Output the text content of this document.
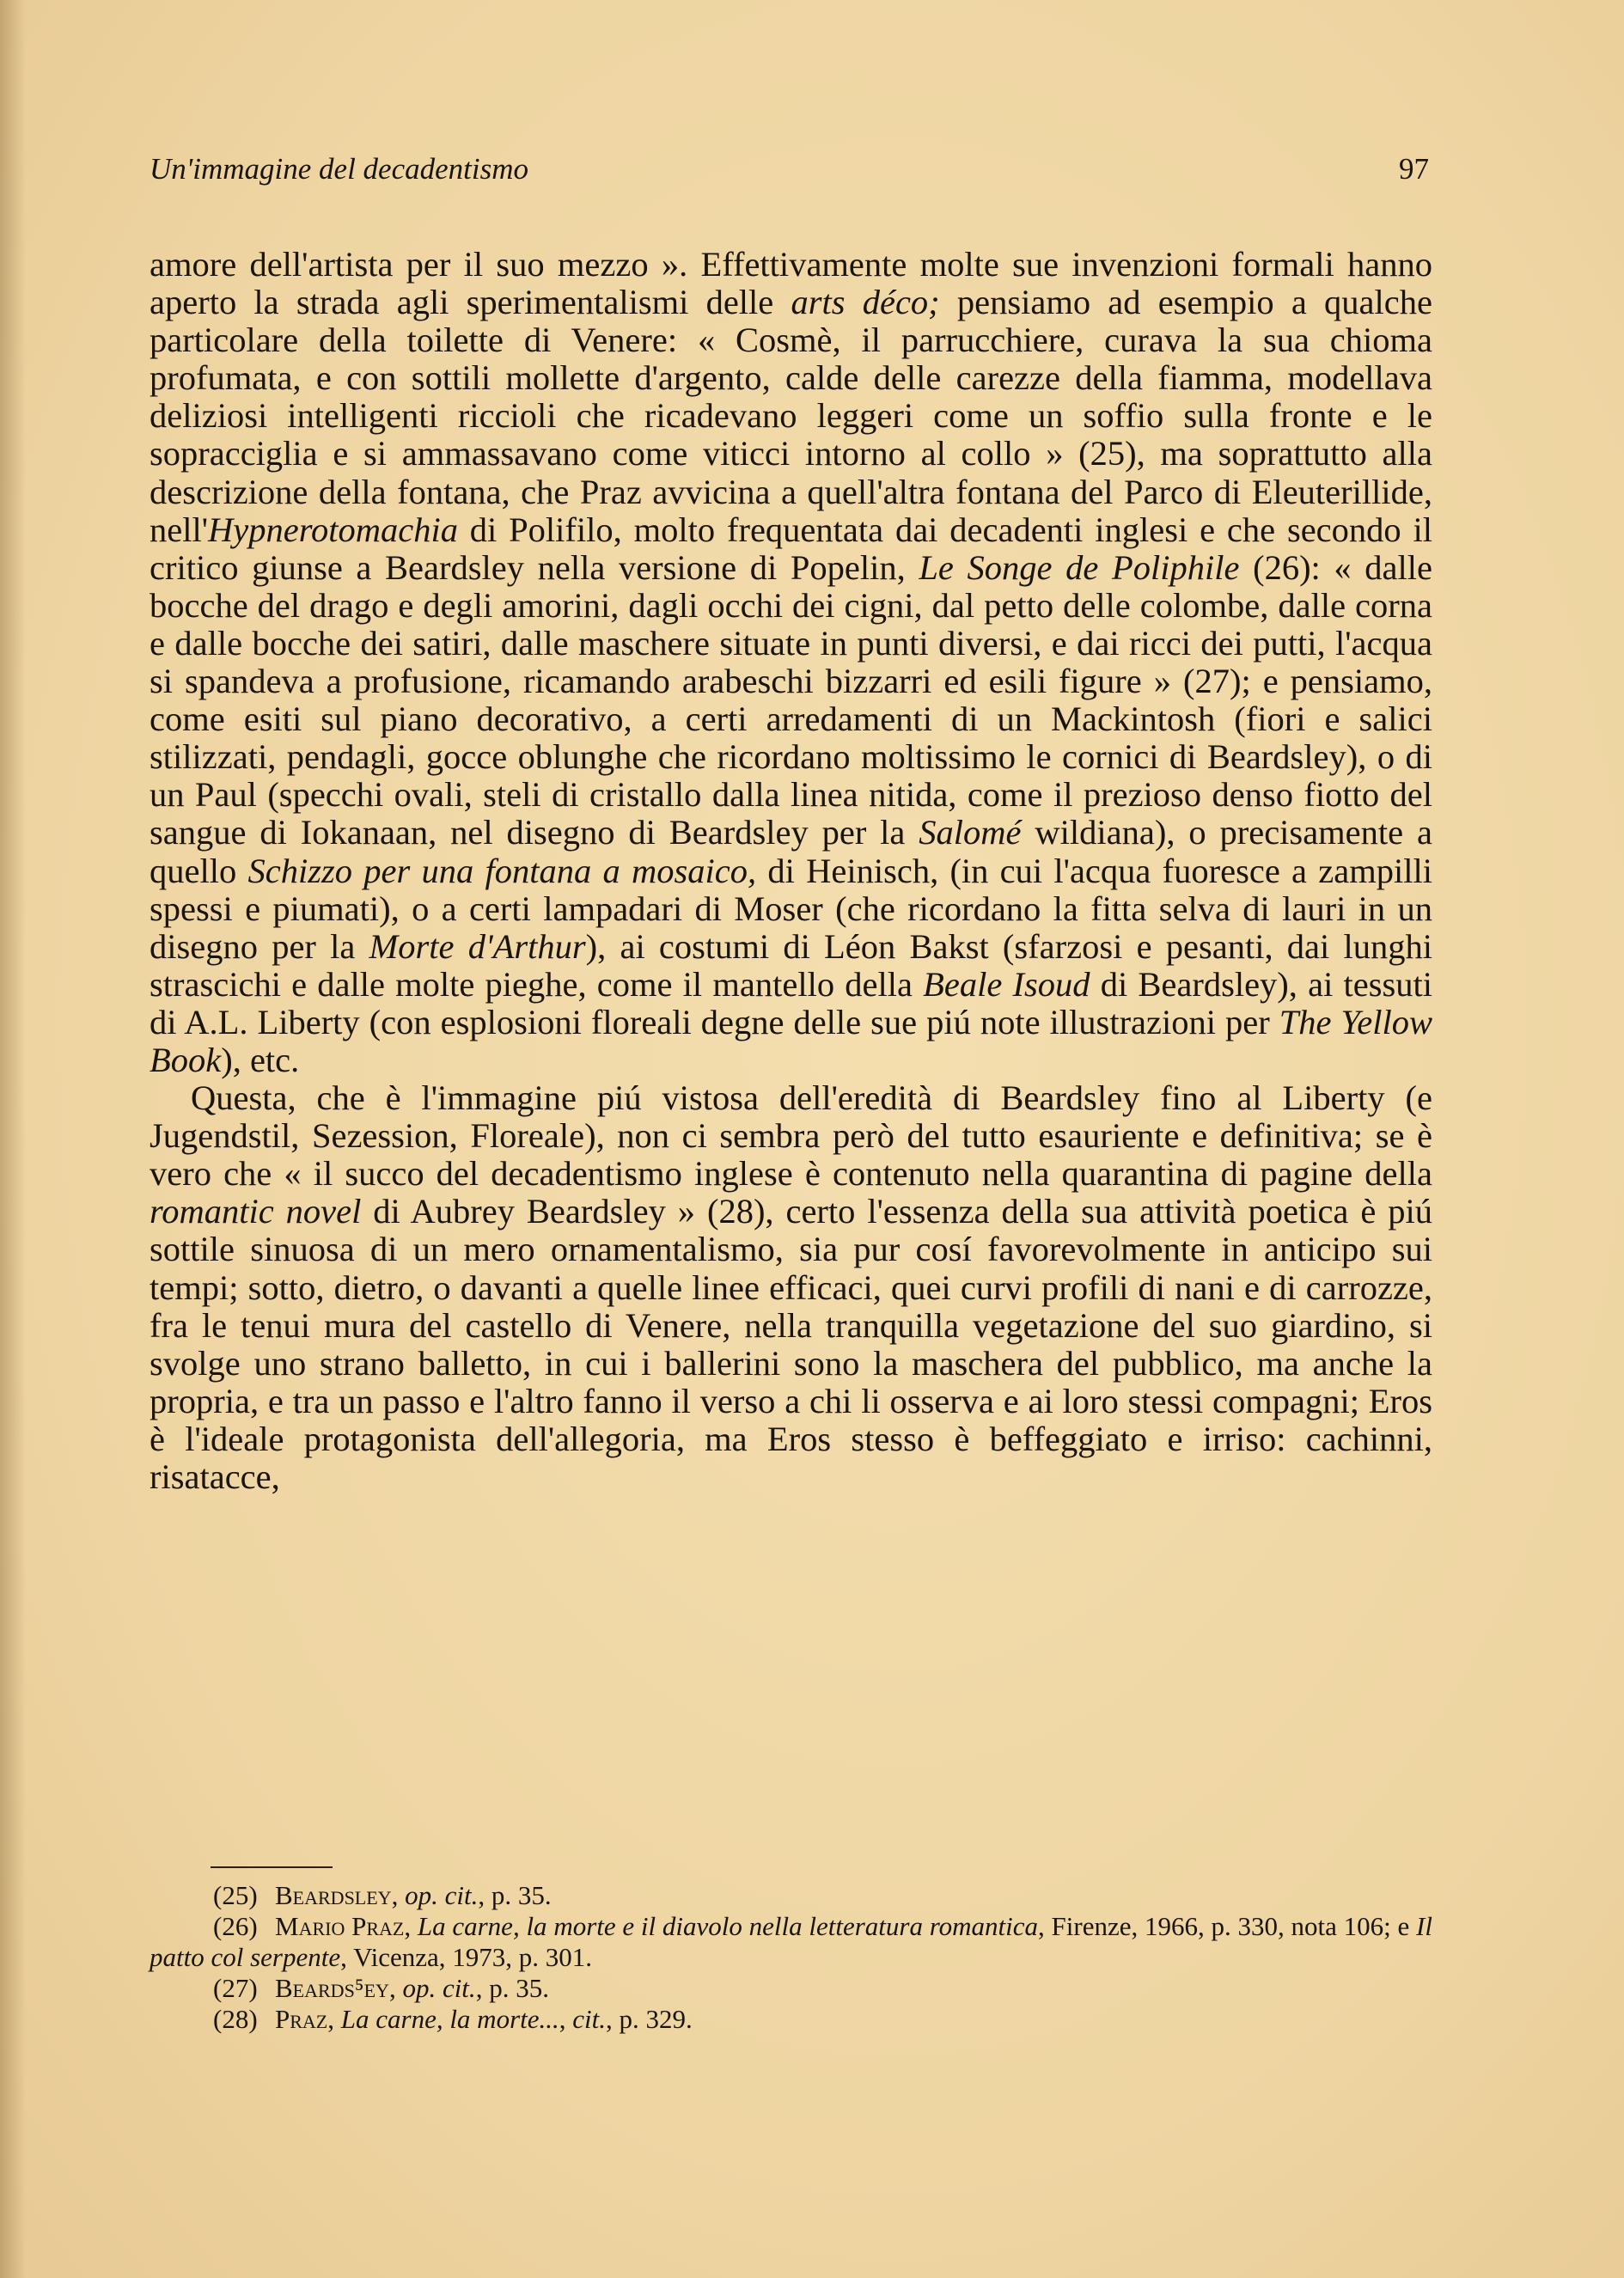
Un'immagine del decadentismo	97

amore dell'artista per il suo mezzo ». Effettivamente molte sue invenzioni formali hanno aperto la strada agli sperimentalismi delle arts déco; pensiamo ad esempio a qualche particolare della toilette di Venere: « Cosmè, il parrucchiere, curava la sua chioma profumata, e con sottili mollette d'argento, calde delle carezze della fiamma, modellava deliziosi intelligenti riccioli che ricadevano leggeri come un soffio sulla fronte e le sopracciglia e si ammassavano come viticci intorno al collo » (25), ma soprattutto alla descrizione della fontana, che Praz avvicina a quell'altra fontana del Parco di Eleuterillide, nell'Hypnerotomachia di Polifilo, molto frequentata dai decadenti inglesi e che secondo il critico giunse a Beardsley nella versione di Popelin, Le Songe de Poliphile (26): « dalle bocche del drago e degli amorini, dagli occhi dei cigni, dal petto delle colombe, dalle corna e dalle bocche dei satiri, dalle maschere situate in punti diversi, e dai ricci dei putti, l'acqua si spandeva a profusione, ricamando arabeschi bizzarri ed esili figure » (27); e pensiamo, come esiti sul piano decorativo, a certi arredamenti di un Mackintosh (fiori e salici stilizzati, pendagli, gocce oblunghe che ricordano moltissimo le cornici di Beardsley), o di un Paul (specchi ovali, steli di cristallo dalla linea nitida, come il prezioso denso fiotto del sangue di Iokanaan, nel disegno di Beardsley per la Salomé wildiana), o precisamente a quello Schizzo per una fontana a mosaico, di Heinisch, (in cui l'acqua fuoresce a zampilli spessi e piumati), o a certi lampadari di Moser (che ricordano la fitta selva di lauri in un disegno per la Morte d'Arthur), ai costumi di Léon Bakst (sfarzosi e pesanti, dai lunghi strascichi e dalle molte pieghe, come il mantello della Beale Isoud di Beardsley), ai tessuti di A.L. Liberty (con esplosioni floreali degne delle sue piú note illustrazioni per The Yellow Book), etc.

Questa, che è l'immagine piú vistosa dell'eredità di Beardsley fino al Liberty (e Jugendstil, Sezession, Floreale), non ci sembra però del tutto esauriente e definitiva; se è vero che « il succo del decadentismo inglese è contenuto nella quarantina di pagine della romantic novel di Aubrey Beardsley » (28), certo l'essenza della sua attività poetica è piú sottile sinuosa di un mero ornamentalismo, sia pur cosí favorevolmente in anticipo sui tempi; sotto, dietro, o davanti a quelle linee efficaci, quei curvi profili di nani e di carrozze, fra le tenui mura del castello di Venere, nella tranquilla vegetazione del suo giardino, si svolge uno strano balletto, in cui i ballerini sono la maschera del pubblico, ma anche la propria, e tra un passo e l'altro fanno il verso a chi li osserva e ai loro stessi compagni; Eros è l'ideale protagonista dell'allegoria, ma Eros stesso è beffeggiato e irriso: cachinni, risatacce,

(25) Beardsley, op. cit., p. 35.

(26) Mario Praz, La carne, la morte e il diavolo nella letteratura romantica, Firenze, 1966, p. 330, nota 106; e Il patto col serpente, Vicenza, 1973, p. 301.

(27) Beards⁵ey, op. cit., p. 35.

(28) Praz, La carne, la morte..., cit., p. 329.
